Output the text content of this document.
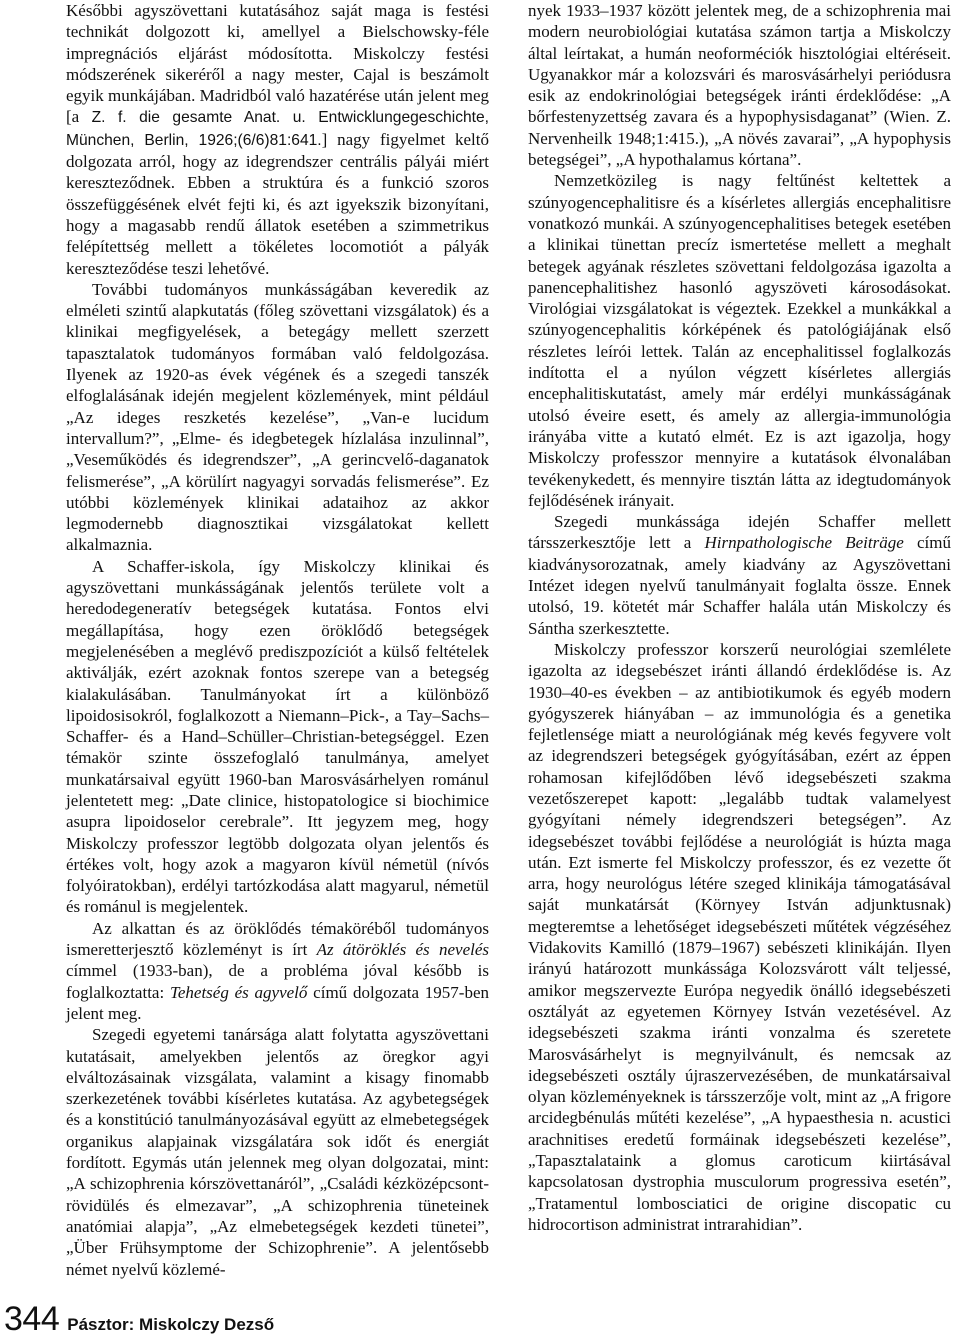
Későbbi agyszövettani kutatásához saját maga is festési technikát dolgozott ki, amellyel a Bielschowsky-féle impregnációs eljárást módosította. Miskolczy festési módszerének sikeréről a nagy mester, Cajal is beszámolt egyik munkájában. Madridból való hazatérése után jelent meg [a Z. f. die gesamte Anat. u. Entwicklungegeschichte, München, Berlin, 1926;(6/6)81:641.] nagy figyelmet keltő dolgozata arról, hogy az idegrendszer centrális pályái miért kereszteződnek. Ebben a struktúra és a funkció szoros összefüggésének elvét fejti ki, és azt igyekszik bizonyítani, hogy a magasabb rendű állatok esetében a szimmetrikus felépítettség mellett a tökéletes locomotiót a pályák kereszteződése teszi lehetővé.

További tudományos munkásságában keveredik az elméleti szintű alapkutatás (főleg szövettani vizsgálatok) és a klinikai megfigyelések, a betegágy mellett szerzett tapasztalatok tudományos formában való feldolgozása. Ilyenek az 1920-as évek végének és a szegedi tanszék elfoglalásának idején megjelent közlemények, mint például „Az ideges reszketés kezelése”, „Van-e lucidum intervallum?”, „Elme- és idegbetegek hízlalása inzulinnal”, „Veseműködés és idegrendszer”, „A gerincvelő-daganatok felismerése”, „A körülírt nagyagyi sorvadás felismerése”. Ez utóbbi közlemények klinikai adataihoz az akkor legmodernebb diagnosztikai vizsgálatokat kellett alkalmaznia.

A Schaffer-iskola, így Miskolczy klinikai és agyszövettani munkásságának jelentős területe volt a heredodegeneratív betegségek kutatása. Fontos elvi megállapítása, hogy ezen öröklődő betegségek megjelenésében a meglévő prediszpozíciót a külső feltételek aktiválják, ezért azoknak fontos szerepe van a betegség kialakulásában. Tanulmányokat írt a különböző lipoidosisokról, foglalkozott a Niemann–Pick-, a Tay–Sachs–Schaffer- és a Hand–Schüller–Christian-betegséggel. Ezen témakör szinte összefoglaló tanulmánya, amelyet munkatársaival együtt 1960-ban Marosvásárhelyen románul jelentetett meg: „Date clinice, histopatologice si biochimice asupra lipoidoselor cerebrale”. Itt jegyzem meg, hogy Miskolczy professzor legtöbb dolgozata olyan jelentős és értékes volt, hogy azok a magyaron kívül németül (nívós folyóiratokban), erdélyi tartózkodása alatt magyarul, németül és románul is megjelentek.

Az alkattan és az öröklődés témaköréből tudományos ismeretterjesztő közleményt is írt Az átöröklés és nevelés címmel (1933-ban), de a probléma jóval később is foglalkoztatta: Tehetség és agyvelő című dolgozata 1957-ben jelent meg.

Szegedi egyetemi tanársága alatt folytatta agyszövettani kutatásait, amelyekben jelentős az öregkor agyi elváltozásainak vizsgálata, valamint a kisagy finomabb szerkezetének további kísérletes kutatása. Az agybetegségek és a konstitúció tanulmányozásával együtt az elmebetegségek organikus alapjainak vizsgálatára sok időt és energiát fordított. Egymás után jelennek meg olyan dolgozatai, mint: „A schizophrenia kórszövettanáról”, „Családi kézközépcsont-rövidülés és elmezavar”, „A schizophrenia tüneteinek anatómiai alapja”, „Az elmebetegségek kezdeti tünetei”, „Über Frühsymptome der Schizophrenie”. A jelentősebb német nyelvű közlemé-

nyek 1933–1937 között jelentek meg, de a schizophrenia mai modern neurobiológiai kutatása számon tartja a Miskolczy által leírtakat, a humán neoforméciók hisztológiai eltéréseit. Ugyanakkor már a kolozsvári és marosvásárhelyi periódusra esik az endokrinológiai betegségek iránti érdeklődése: „A bőrfestenyzettség zavara és a hypophysisdaganat” (Wien. Z. Nervenheilk 1948;1:415.), „A növés zavarai”, „A hypophysis betegségei”, „A hypothalamus kórtana”.

Nemzetközileg is nagy feltűnést keltettek a szúnyogencephalitisre és a kísérletes allergiás encephalitisre vonatkozó munkái. A szúnyogencephalitises betegek esetében a klinikai tünettan precíz ismertetése mellett a meghalt betegek agyának részletes szövettani feldolgozása igazolta a panencephalitishez hasonló agyszöveti károsodásokat. Virológiai vizsgálatokat is végeztek. Ezekkel a munkákkal a szúnyogencephalitis kórképének és patológiájának első részletes leírói lettek. Talán az encephalitissel foglalkozás indította el a nyúlon végzett kísérletes allergiás encephalitiskutatást, amely már erdélyi munkásságának utolsó éveire esett, és amely az allergia-immunológia irányába vitte a kutató elmét. Ez is azt igazolja, hogy Miskolczy professzor mennyire a kutatások élvonalában tevékenykedett, és mennyire tisztán látta az idegtudományok fejlődésének irányait.

Szegedi munkássága idején Schaffer mellett társszerkesztője lett a Hirnpathologische Beiträge című kiadványsorozatnak, amely kiadvány az Agyszövettani Intézet idegen nyelvű tanulmányait foglalta össze. Ennek utolsó, 19. kötetét már Schaffer halála után Miskolczy és Sántha szerkesztette.

Miskolczy professzor korszerű neurológiai szemlélete igazolta az idegsebészet iránti állandó érdeklődése is. Az 1930–40-es években – az antibiotikumok és egyéb modern gyógyszerek hiányában – az immunológia és a genetika fejletlensége miatt a neurológiának még kevés fegyvere volt az idegrendszeri betegségek gyógyításában, ezért az éppen rohamosan kifejlődőben lévő idegsebészeti szakma vezetőszerepet kapott: „legalább tudtak valamelyest gyógyítani némely idegrendszeri betegségen”. Az idegsebészet további fejlődése a neurológiát is húzta maga után. Ezt ismerte fel Miskolczy professzor, és ez vezette őt arra, hogy neurológus létére szeged klinikája támogatásával saját munkatársát (Környey István adjunktusnak) megteremtse a lehetőséget idegsebészeti műtétek végzéséhez Vidakovits Kamilló (1879–1967) sebészeti klinikáján. Ilyen irányú határozott munkássága Kolozsvárott vált teljessé, amikor megszervezte Európa negyedik önálló idegsebészeti osztályát az egyetemen Környey István vezetésével. Az idegsebészeti szakma iránti vonzalma és szeretete Marosvásárhelyt is megnyilvánult, és nemcsak az idegsebészeti osztály újraszervezésében, de munkatársaival olyan közleményeknek is társszerzője volt, mint az „A frigore arcidegbénulás műtéti kezelése”, „A hypaesthesia n. acustici arachnitises eredetű formáinak idegsebészeti kezelése”, „Tapasztalataink a glomus caroticum kiirtásával kapcsolatosan dystrophia musculorum progressiva esetén”, „Tratamentul lombosciatici de origine discopatic cu hidrocortison administrat intrarahidian”.

344 Pásztor: Miskolczy Dezső
